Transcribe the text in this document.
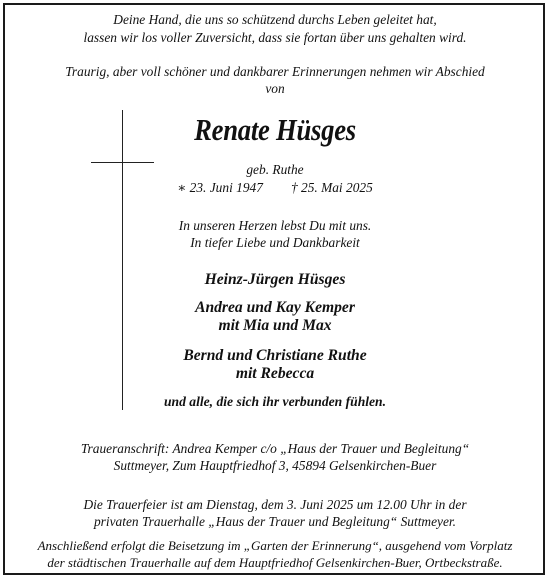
Deine Hand, die uns so schützend durchs Leben geleitet hat,
lassen wir los voller Zuversicht, dass sie fortan über uns gehalten wird.
Traurig, aber voll schöner und dankbarer Erinnerungen nehmen wir Abschied
von
Renate Hüsges
geb. Ruthe
∗ 23. Juni 1947 † 25. Mai 2025
In unseren Herzen lebst Du mit uns.
In tiefer Liebe und Dankbarkeit
Heinz-Jürgen Hüsges
Andrea und Kay Kemper
mit Mia und Max
Bernd und Christiane Ruthe
mit Rebecca
und alle, die sich ihr verbunden fühlen.
Traueranschrift: Andrea Kemper c/o „Haus der Trauer und Begleitung“
Suttmeyer, Zum Hauptfriedhof 3, 45894 Gelsenkirchen-Buer
Die Trauerfeier ist am Dienstag, dem 3. Juni 2025 um 12.00 Uhr in der
privaten Trauerhalle „Haus der Trauer und Begleitung“ Suttmeyer.
Anschließend erfolgt die Beisetzung im „Garten der Erinnerung“, ausgehend vom Vorplatz
der städtischen Trauerhalle auf dem Hauptfriedhof Gelsenkirchen-Buer, Ortbeckstraße.
